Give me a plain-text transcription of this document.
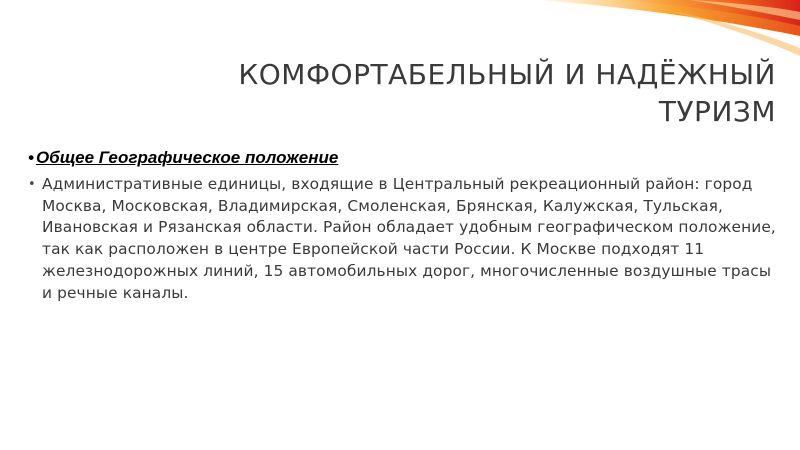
КОМФОРТАБЕЛЬНЫЙ И НАДЁЖНЫЙ ТУРИЗМ

• Общее Географическое положение

• Административные единицы, входящие в Центральный рекреационный район: город Москва, Московская, Владимирская, Смоленская, Брянская, Калужская, Тульская, Ивановская и Рязанская области. Район обладает удобным географическом положение, так как расположен в центре Европейской части России. К Москве подходят 11 железнодорожных линий, 15 автомобильных дорог, многочисленные воздушные трасы и речные каналы.
